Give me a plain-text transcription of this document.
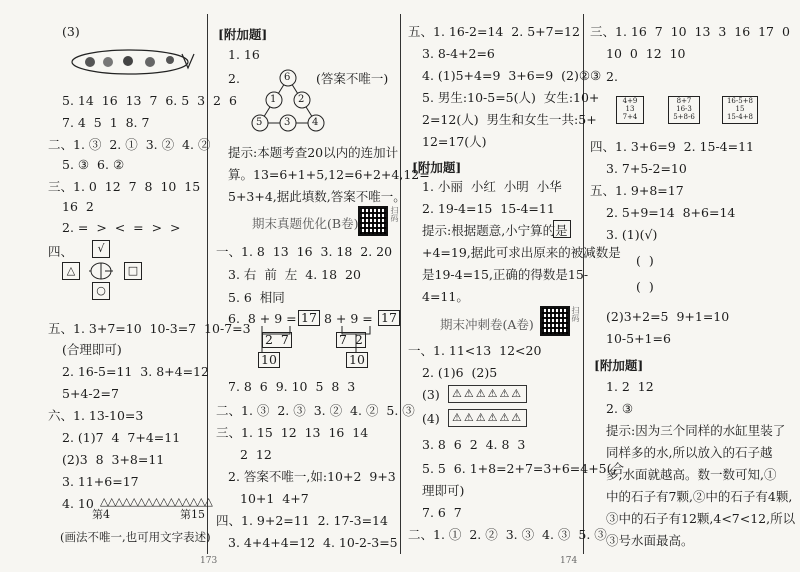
(3)
5. 14  16  13  7  6. 5  3  2  6
7. 4  5  1  8. 7
二、1. ③  2. ①  3. ②  4. ②
5. ③  6. ②
三、1. 0  12  7  8  10  15
16  2
2. =  >  <  =  >  >
四、	√
○
△	□
五、1. 3+7=10  10-3=7  10-7=3
(合理即可)
2. 16-5=11  3. 8+4=12
5+4-2=7
六、1. 13-10=3
2. (1)7  4  7+4=11
(2)3  8  3+8=11
3. 11+6=17
4. 10 △△△△△△△△△△△△△△△
第4	第15
(画法不唯一,也可用文字表述)
[附加题]
1. 16
2.	6
1 2
5 3 4
(答案不唯一)
提示:本题考查20以内的连加计
算。13=6+1+5,12=6+2+4,12=
5+3+4,据此填数,答案不唯一。
期末真题优化(B卷)
扫码
一、1. 8  13  16  3. 18  2. 20
3. 右  前  左  4. 18  20
5. 6  相同
6.  8 + 9 = 17
2  7
10
8 + 9 = 17
7  2
10
7. 8  6  9. 10  5  8  3
二、1. ③  2. ③  3. ②  4. ②  5. ③
三、1. 15  12  13  16  14
2  12
2. 答案不唯一,如:10+2  9+3
10+1  4+7
四、1. 9+2=11  2. 17-3=14
3. 4+4+4=12  4. 10-2-3=5
五、1. 16-2=14  2. 5+7=12
3. 8-4+2=6
4. (1)5+4=9  3+6=9  (2)②③
5. 男生:10-5=5(人)  女生:10+
2=12(人)  男生和女生一共:5+
12=17(人)
[附加题]
1. 小丽  小红  小明  小华
2. 19-4=15  15-4=11
提示:根据题意,小宁算的是
+4=19,据此可求出原来的被减数是
是19-4=15,正确的得数是15-
4=11。
期末冲刺卷(A卷)
扫码
一、1. 11<13  12<20
2. (1)6  (2)5
(3)	⚠⚠⚠⚠⚠⚠
(4)	⚠⚠⚠⚠⚠⚠
3. 8  6  2  4. 8  3
5. 5  6. 1+8=2+7=3+6=4+5(合
理即可)
7. 6  7
二、1. ①  2. ②  3. ③  4. ③  5. ③
三、1. 16  7  10  13  3  16  17  0
10  0  12  10
2.
4+9
13
7+4
8+7
16-3
5+8-6
16-5+8
15
15-4+8
四、1. 3+6=9  2. 15-4=11
3. 7+5-2=10
五、1. 9+8=17
2. 5+9=14  8+6=14
3. (1)(√)
(  )
(  )
(2)3+2=5  9+1=10
10-5+1=6
[附加题]
1. 2  12
2. ③
提示:因为三个同样的水缸里装了
同样多的水,所以放入的石子越
多,水面就越高。数一数可知,①
中的石子有7颗,②中的石子有4颗,
③中的石子有12颗,4<7<12,所以
③号水面最高。
173	174
